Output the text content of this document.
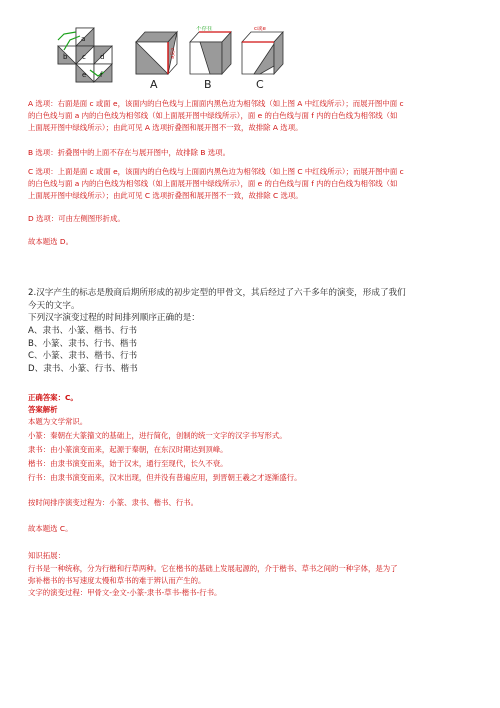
a
b c d
e f
c或e
A
不存在
B
c或e
C
A 选项：右面是面 c 或面 e，该面内的白色线与上面面内黑色边为相邻线（如上图 A 中红线所示）；而展开图中面 c
的白色线与面 a 内的白色线为相邻线（如上面展开图中绿线所示），面 e 的白色线与面 f 内的白色线为相邻线（如
上面展开图中绿线所示）；由此可见 A 选项折叠图和展开图不一致，故排除 A 选项。
B 选项：折叠图中的上面不存在与展开图中，故排除 B 选项。
C 选项：上面是面 c 或面 e，该面内的白色线与上面面内黑色边为相邻线（如上图 C 中红线所示）；而展开图中面 c
的白色线与面 a 内的白色线为相邻线（如上面展开图中绿线所示），面 e 的白色线与面 f 内的白色线为相邻线（如
上面展开图中绿线所示）；由此可见 C 选项折叠图和展开图不一致，故排除 C 选项。
D 选项：可由左侧图形折成。
故本题选 D。
2.汉字产生的标志是殷商后期所形成的初步定型的甲骨文，其后经过了六千多年的演变，形成了我们
今天的文字。
下列汉字演变过程的时间排列顺序正确的是：
A、隶书、小篆、楷书、行书
B、小篆、隶书、行书、楷书
C、小篆、隶书、楷书、行书
D、隶书、小篆、行书、楷书
正确答案：C。
答案解析
本题为文学常识。
小篆：秦朝在大篆籀文的基础上，进行简化，创制的统一文字的汉字书写形式。
隶书：由小篆演变而来，起源于秦朝，在东汉时期达到顶峰。
楷书：由隶书演变而来，始于汉末，通行至现代，长久不衰。
行书：由隶书演变而来，汉末出现，但并没有普遍应用，到晋朝王羲之才逐渐盛行。
按时间排序演变过程为：小篆、隶书、楷书、行书。
故本题选 C。
知识拓展：
行书是一种统称，分为行楷和行草两种。它在楷书的基础上发展起源的，介于楷书、草书之间的一种字体，是为了
弥补楷书的书写速度太慢和草书的难于辨认而产生的。
文字的演变过程：甲骨文-金文-小篆-隶书-草书-楷书-行书。
